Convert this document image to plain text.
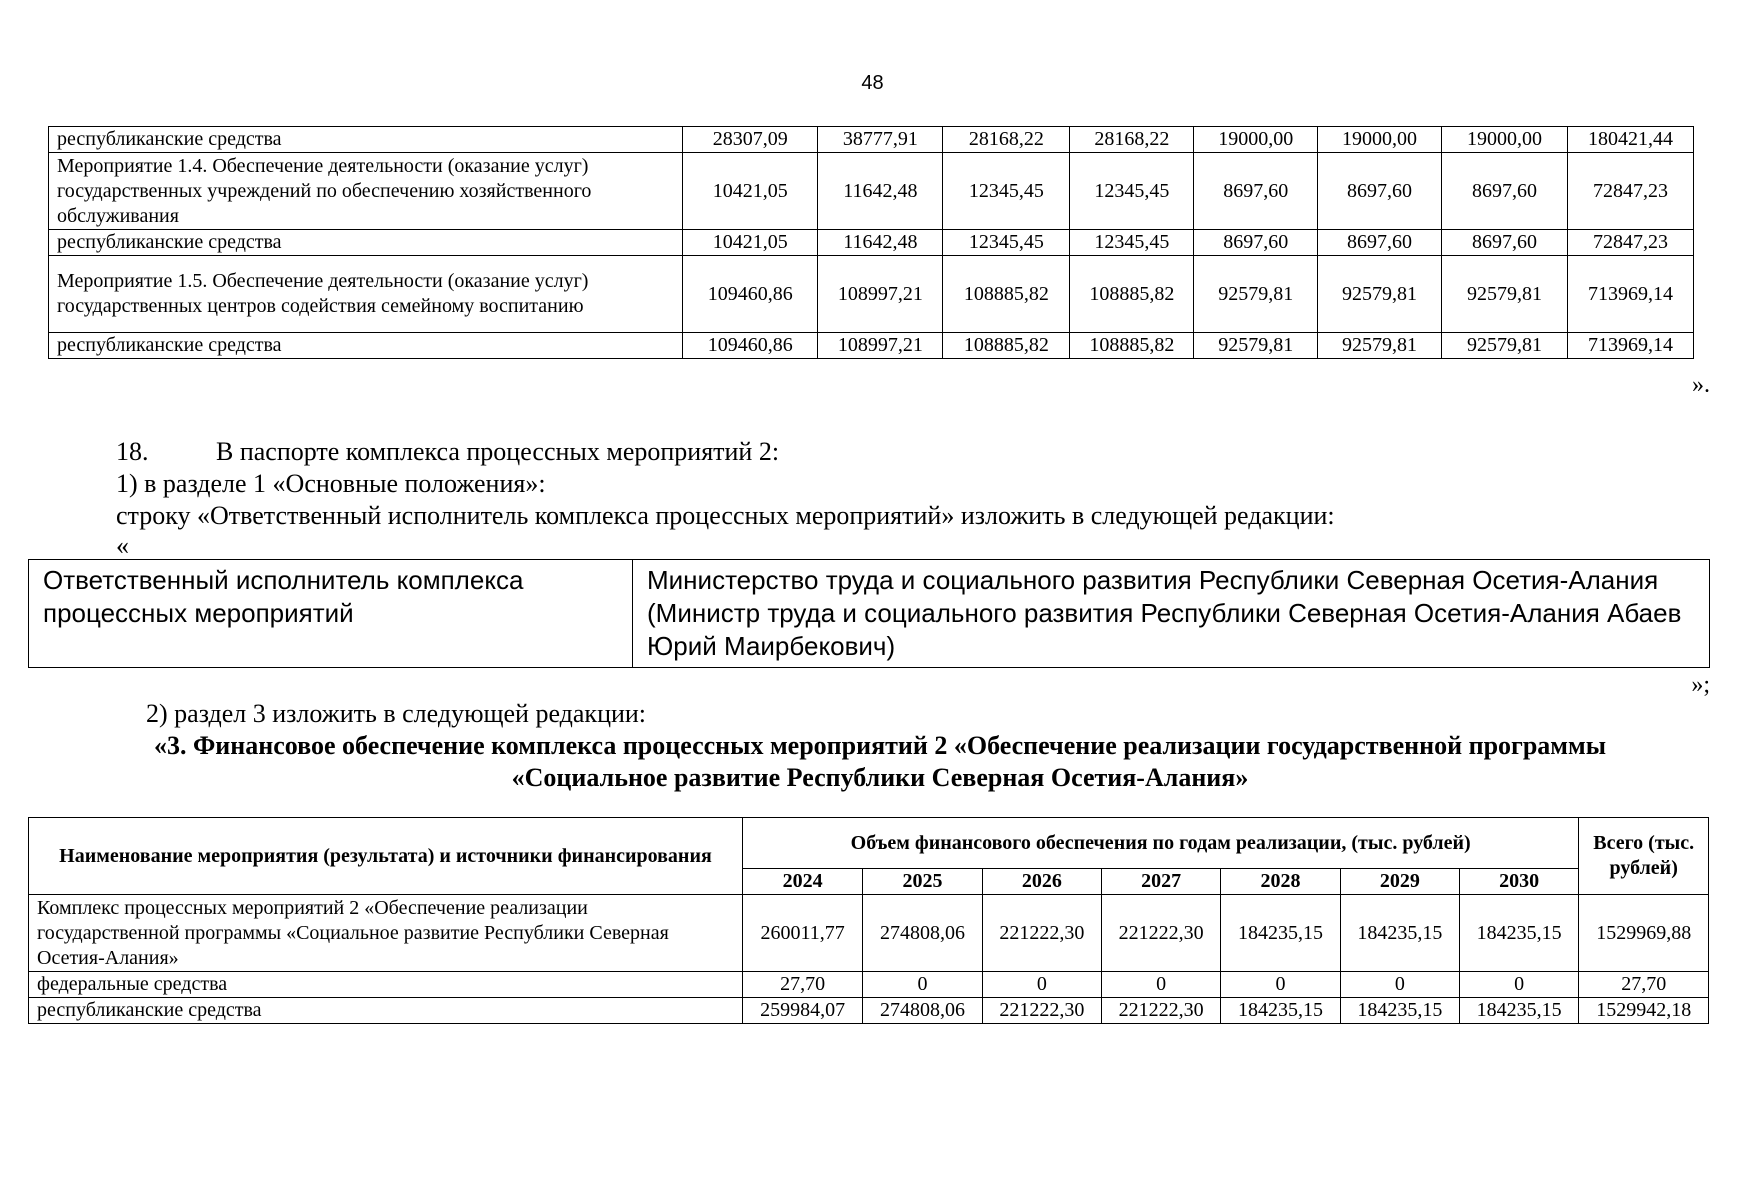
48
республиканские средства	28307,09	38777,91	28168,22	28168,22	19000,00	19000,00	19000,00	180421,44
Мероприятие 1.4. Обеспечение деятельности (оказание услуг) государственных учреждений по обеспечению хозяйственного обслуживания	10421,05	11642,48	12345,45	12345,45	8697,60	8697,60	8697,60	72847,23
республиканские средства	10421,05	11642,48	12345,45	12345,45	8697,60	8697,60	8697,60	72847,23
Мероприятие 1.5. Обеспечение деятельности (оказание услуг) государственных центров содействия семейному воспитанию	109460,86	108997,21	108885,82	108885,82	92579,81	92579,81	92579,81	713969,14
республиканские средства	109460,86	108997,21	108885,82	108885,82	92579,81	92579,81	92579,81	713969,14
».
18.	В паспорте комплекса процессных мероприятий 2:
1) в разделе 1 «Основные положения»:
строку «Ответственный исполнитель комплекса процессных мероприятий» изложить в следующей редакции:
«
Ответственный исполнитель комплекса процессных мероприятий	Министерство труда и социального развития Республики Северная Осетия-Алания (Министр труда и социального развития Республики Северная Осетия-Алания Абаев Юрий Маирбекович)
»;
2) раздел 3 изложить в следующей редакции:
«3. Финансовое обеспечение комплекса процессных мероприятий 2 «Обеспечение реализации государственной программы
«Социальное развитие Республики Северная Осетия-Алания»
Наименование мероприятия (результата) и источники финансирования	Объем финансового обеспечения по годам реализации, (тыс. рублей)							Всего (тыс. рублей)
	2024	2025	2026	2027	2028	2029	2030	
Комплекс процессных мероприятий 2 «Обеспечение реализации государственной программы «Социальное развитие Республики Северная Осетия-Алания»	260011,77	274808,06	221222,30	221222,30	184235,15	184235,15	184235,15	1529969,88
федеральные средства	27,70	0	0	0	0	0	0	27,70
республиканские средства	259984,07	274808,06	221222,30	221222,30	184235,15	184235,15	184235,15	1529942,18
